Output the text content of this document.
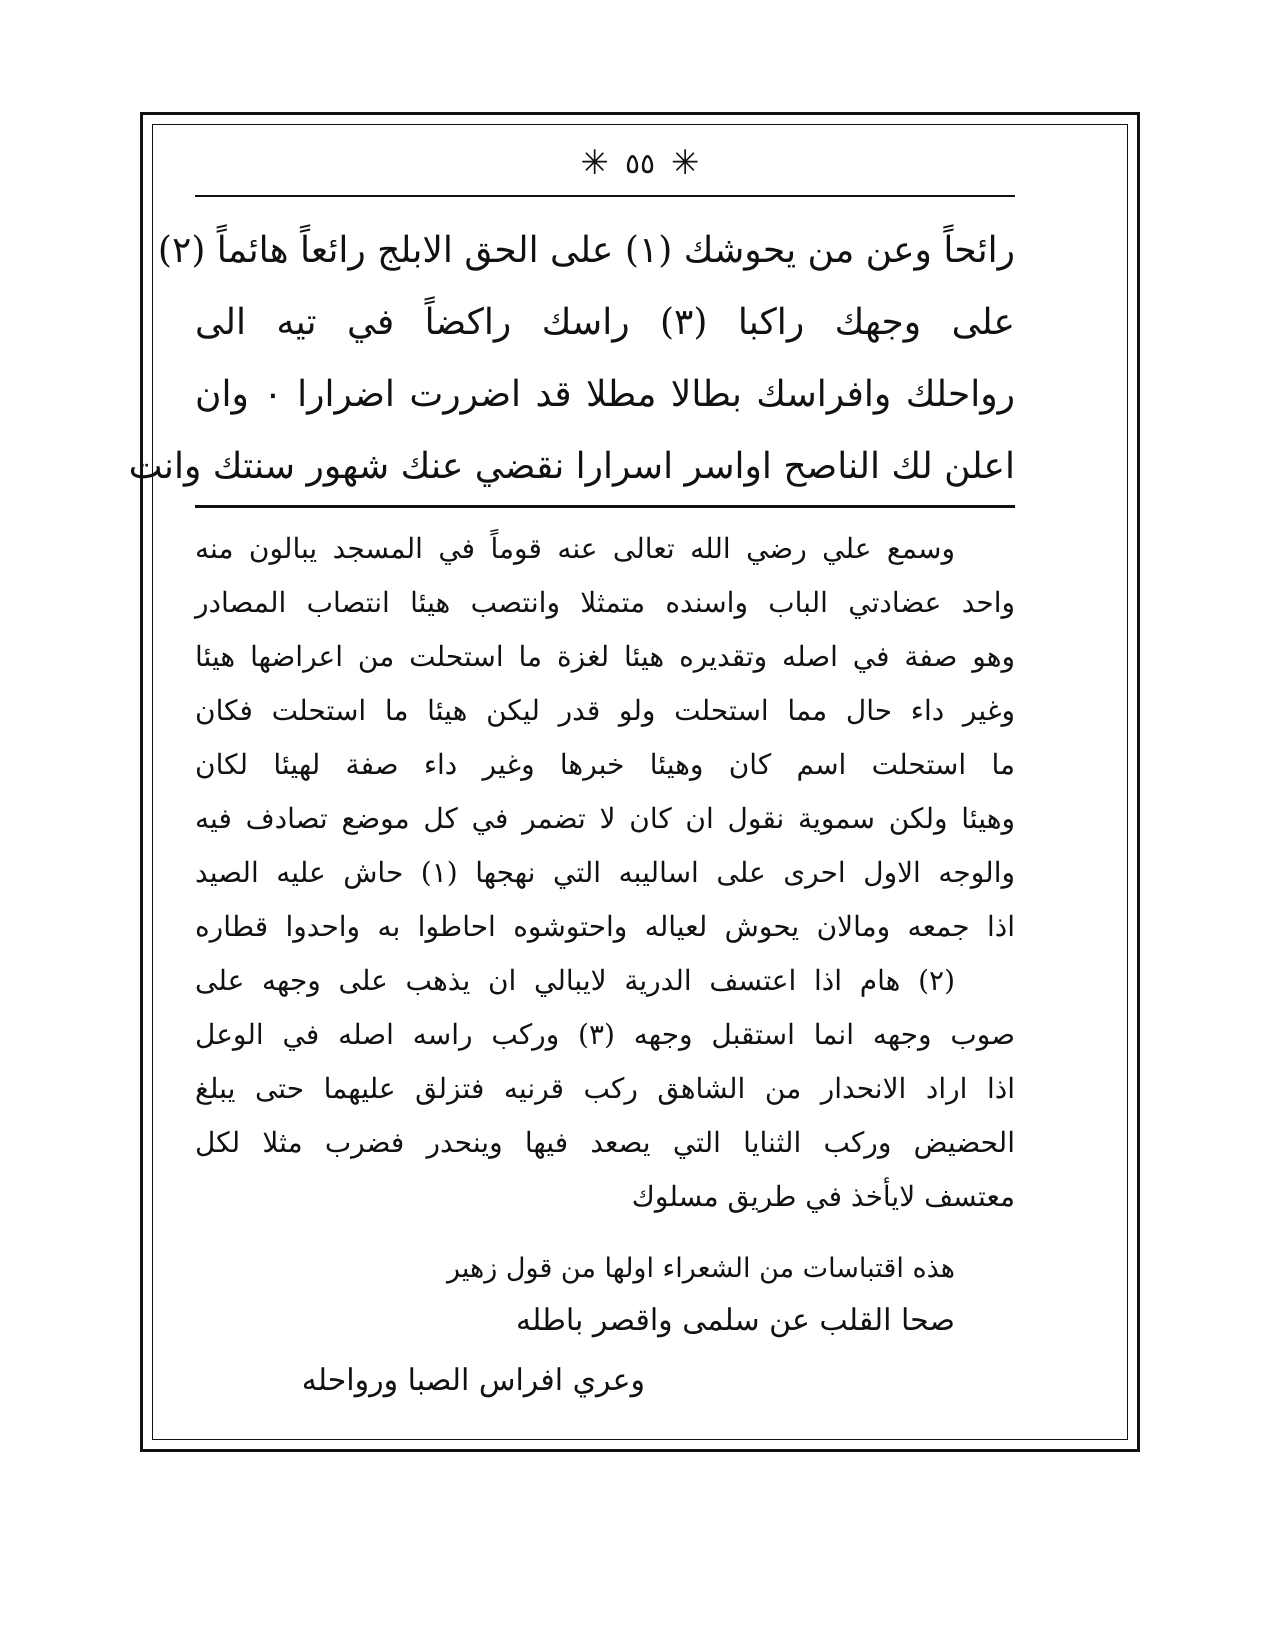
✳ ٥٥ ✳
رائحاً وعن من يحوشك (١) على الحق الابلج رائعاً هائماً (٢)
على وجهك راكبا (٣) راسك راكضاً في تيه الى
رواحلك وافراسك بطالا مطلا قد اضررت اضرارا ٠ وان
اعلن لك الناصح اواسر اسرارا نقضي عنك شهور سنتك وانت
وسمع علي رضي الله تعالى عنه قوماً في المسجد يبالون منه
واحد عضادتي الباب واسنده متمثلا وانتصب هيئا انتصاب المصادر
وهو صفة في اصله وتقديره هيئا لغزة ما استحلت من اعراضها هيئا
وغير داء حال مما استحلت ولو قدر ليكن هيئا ما استحلت فكان
ما استحلت اسم كان وهيئا خبرها وغير داء صفة لهيئا لكان
وهيئا ولكن سموية نقول ان كان لا تضمر في كل موضع تصادف فيه
والوجه الاول احرى على اساليبه التي نهجها (١) حاش عليه الصيد
اذا جمعه ومالان يحوش لعياله واحتوشوه احاطوا به واحدوا قطاره
(٢) هام اذا اعتسف الدرية لايبالي ان يذهب على وجهه على
صوب وجهه انما استقبل وجهه (٣) وركب راسه اصله في الوعل
اذا اراد الانحدار من الشاهق ركب قرنيه فتزلق عليهما حتى يبلغ
الحضيض وركب الثنايا التي يصعد فيها وينحدر فضرب مثلا لكل
معتسف لايأخذ في طريق مسلوك
هذه اقتباسات من الشعراء اولها من قول زهير
صحا القلب عن سلمى واقصر باطله
وعري افراس الصبا ورواحله
